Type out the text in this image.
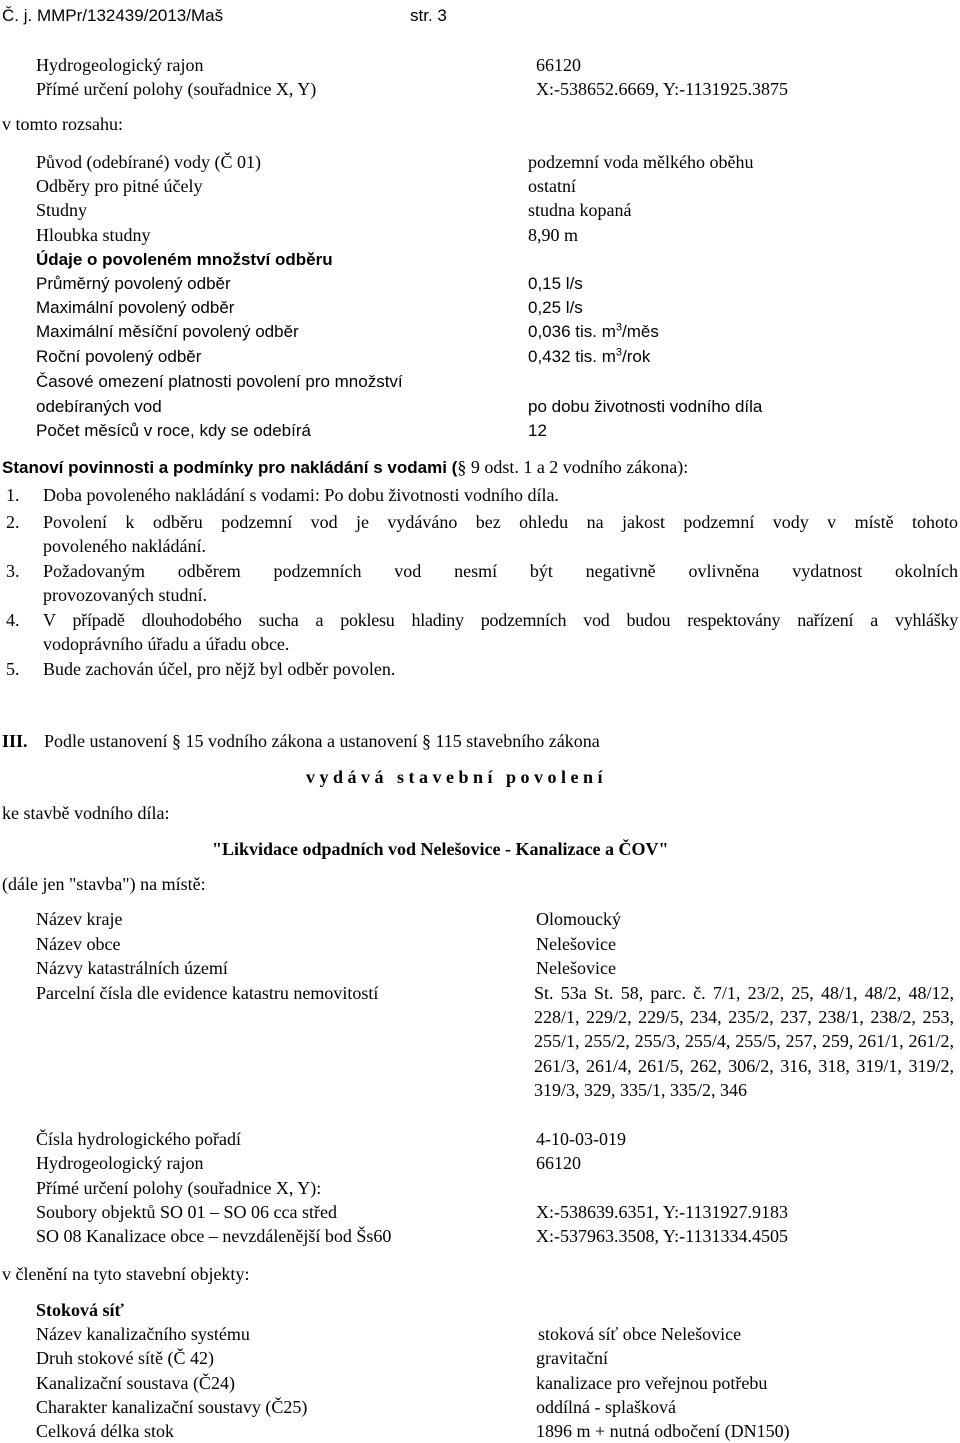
Č. j. MMPr/132439/2013/Maš	str. 3
Hydrogeologický rajon	66120
Přímé určení polohy (souřadnice X, Y)	X:-538652.6669, Y:-1131925.3875
v tomto rozsahu:
Původ (odebírané) vody (Č 01)	podzemní voda mělkého oběhu
Odběry pro pitné účely	ostatní
Studny	studna kopaná
Hloubka studny	8,90 m
Údaje o povoleném množství odběru
Průměrný povolený odběr	0,15 l/s
Maximální povolený odběr	0,25 l/s
Maximální měsíční povolený odběr	0,036 tis. $m^3$/měs
Roční povolený odběr	0,432 tis. $m^3$/rok
Časové omezení platnosti povolení pro množství
odebíraných vod	po dobu životnosti vodního díla
Počet měsíců v roce, kdy se odebírá	12
Stanoví povinnosti a podmínky pro nakládání s vodami (§ 9 odst. 1 a 2 vodního zákona):
1. Doba povoleného nakládání s vodami: Po dobu životnosti vodního díla.
2. Povolení k odběru podzemní vod je vydáváno bez ohledu na jakost podzemní vody v místě tohoto
povoleného nakládání.
3. Požadovaným odběrem podzemních vod nesmí být negativně ovlivněna vydatnost okolních
provozovaných studní.
4. V případě dlouhodobého sucha a poklesu hladiny podzemních vod budou respektovány nařízení a vyhlášky
vodoprávního úřadu a úřadu obce.
5. Bude zachován účel, pro nějž byl odběr povolen.
III. Podle ustanovení § 15 vodního zákona a ustanovení § 115 stavebního zákona
v y d á v á   s t a v e b n í   p o v o l e n í
ke stavbě vodního díla:
"Likvidace odpadních vod Nelešovice - Kanalizace a ČOV"
(dále jen "stavba") na místě:
Název kraje	Olomoucký
Název obce	Nelešovice
Názvy katastrálních území	Nelešovice
Parcelní čísla dle evidence katastru nemovitostí	St. 53a St. 58, parc. č. 7/1, 23/2, 25, 48/1, 48/2, 48/12, 228/1, 229/2, 229/5, 234, 235/2, 237, 238/1, 238/2, 253, 255/1, 255/2, 255/3, 255/4, 255/5, 257, 259, 261/1, 261/2, 261/3, 261/4, 261/5, 262, 306/2, 316, 318, 319/1, 319/2, 319/3, 329, 335/1, 335/2, 346
Čísla hydrologického pořadí	4-10-03-019
Hydrogeologický rajon	66120
Přímé určení polohy (souřadnice X, Y):
Soubory objektů SO 01 – SO 06 cca střed	X:-538639.6351, Y:-1131927.9183
SO 08 Kanalizace obce – nevzdálenější bod Šs60	X:-537963.3508, Y:-1131334.4505
v členění na tyto stavební objekty:
Stoková síť
Název kanalizačního systému	stoková síť obce Nelešovice
Druh stokové sítě (Č 42)	gravitační
Kanalizační soustava (Č24)	kanalizace pro veřejnou potřebu
Charakter kanalizační soustavy (Č25)	oddílná - splašková
Celková délka stok	1896 m + nutná odbočení (DN150)
